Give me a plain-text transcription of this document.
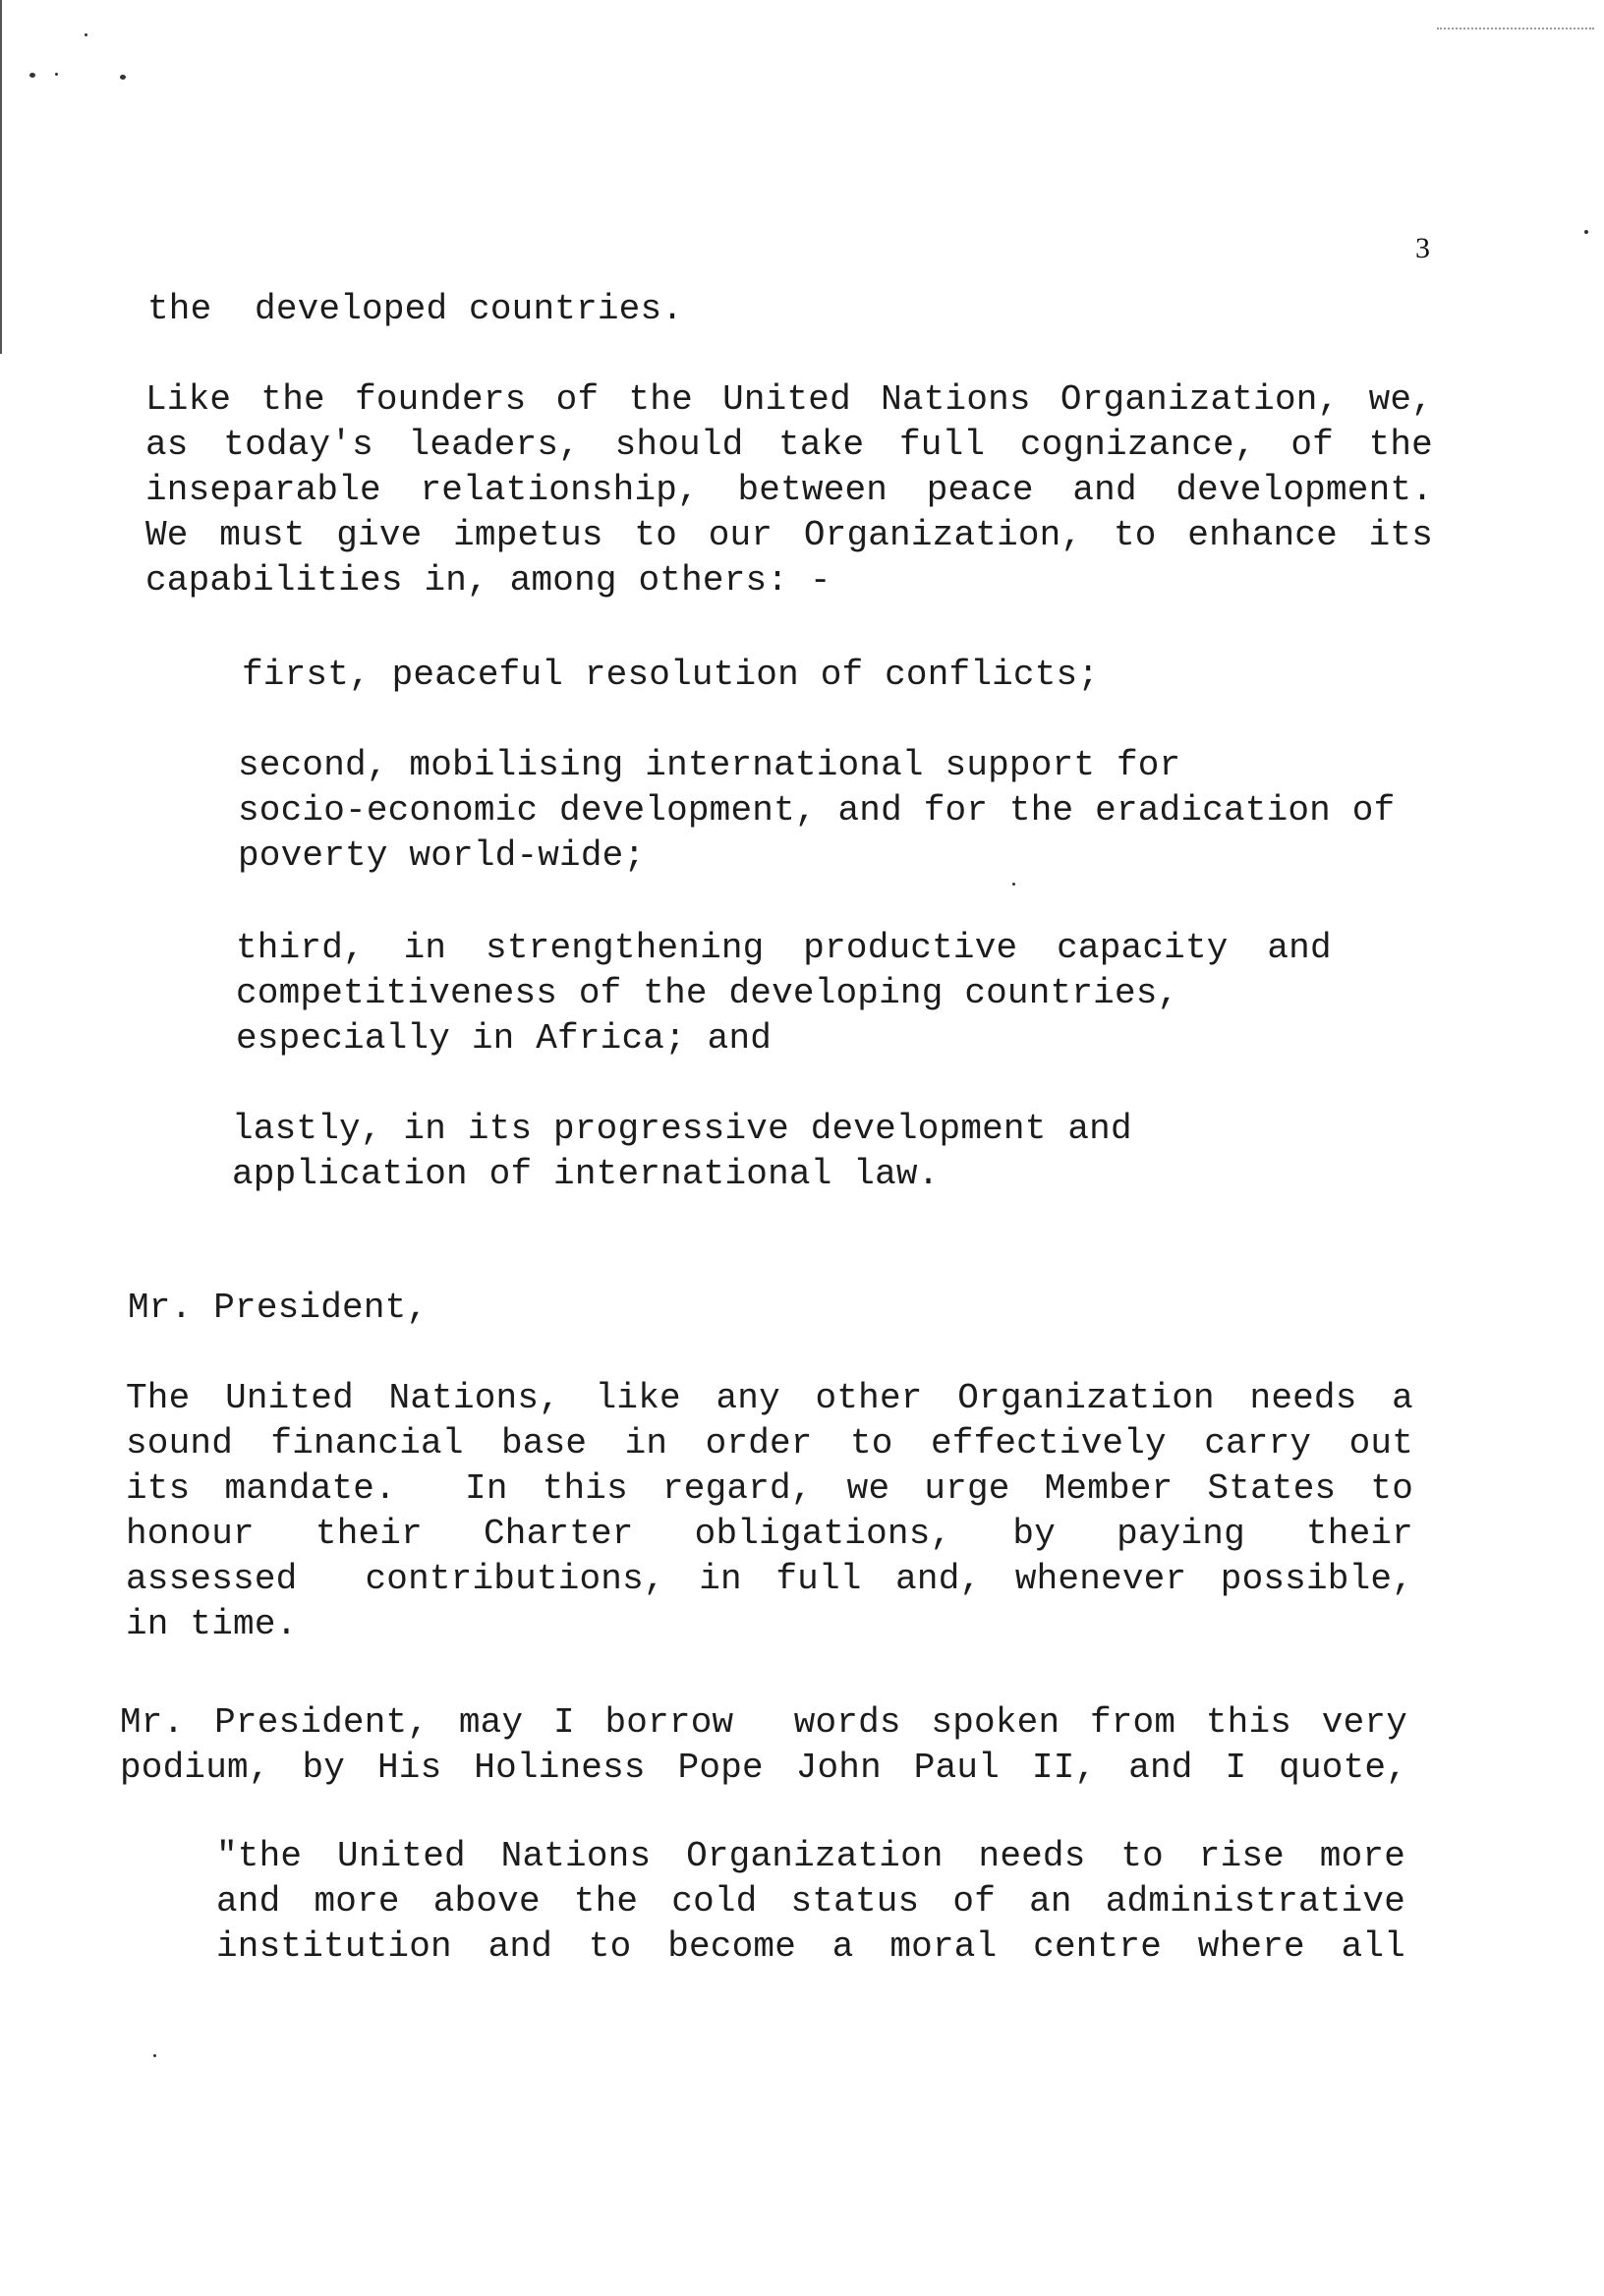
3
the  developed countries.
Like the founders of the United Nations Organization, we,
as today's leaders, should take full cognizance, of the
inseparable relationship, between peace and development.
We must give impetus to our Organization, to enhance its
capabilities in, among others: -
first, peaceful resolution of conflicts;
second, mobilising international support for
socio-economic development, and for the eradication of
poverty world-wide;
third, in strengthening productive capacity and
competitiveness of the developing countries,
especially in Africa; and
lastly, in its progressive development and
application of international law.
Mr. President,
The United Nations, like any other Organization needs a
sound financial base in order to effectively carry out
its mandate.  In this regard, we urge Member States to
honour  their  Charter  obligations,  by  paying  their
assessed  contributions, in full and, whenever possible,
in time.
Mr. President, may I borrow  words spoken from this very
podium, by His Holiness Pope John Paul II, and I quote,
"the United Nations Organization needs to rise more
and more above the cold status of an administrative
institution and to become a moral centre where all
